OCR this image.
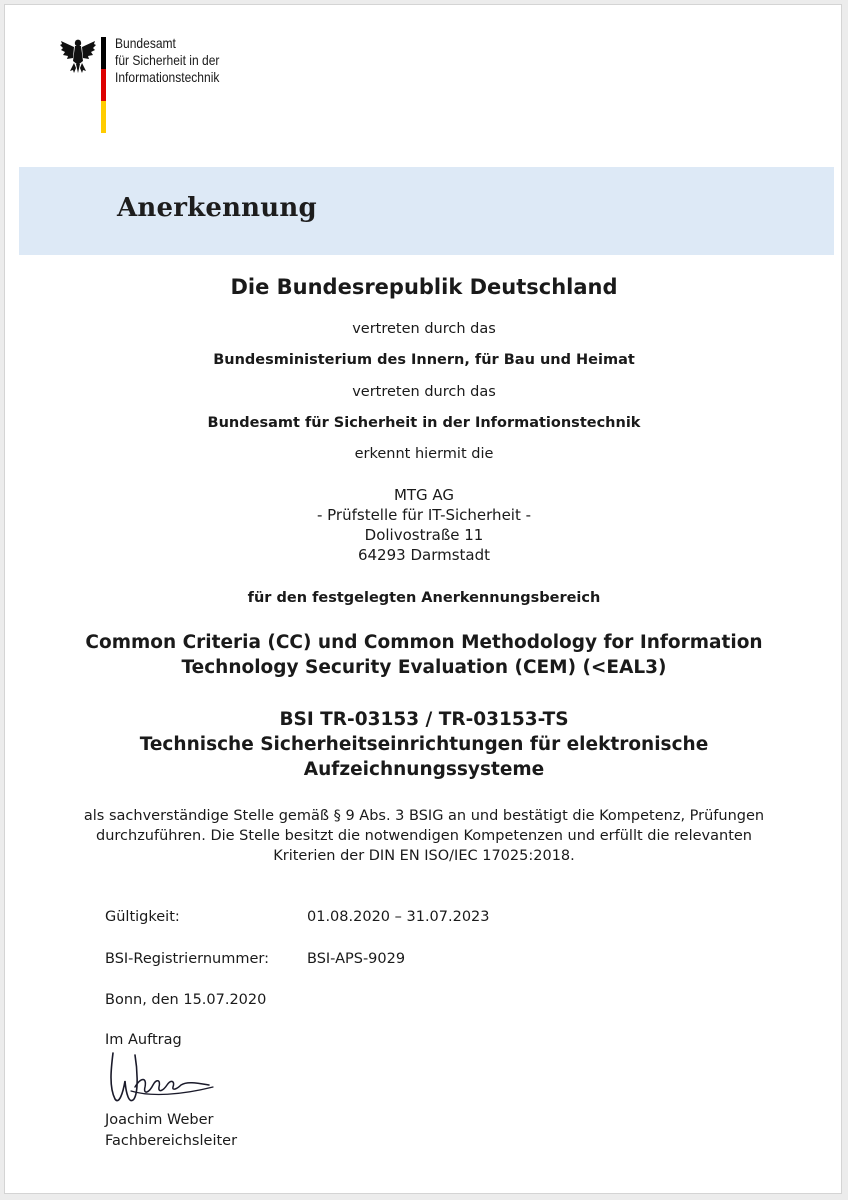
Bundesamt
für Sicherheit in der
Informationstechnik
Anerkennung
Die Bundesrepublik Deutschland
vertreten durch das
Bundesministerium des Innern, für Bau und Heimat
vertreten durch das
Bundesamt für Sicherheit in der Informationstechnik
erkennt hiermit die
MTG AG
- Prüfstelle für IT-Sicherheit -
Dolivostraße 11
64293 Darmstadt
für den festgelegten Anerkennungsbereich
Common Criteria (CC) und Common Methodology for Information
Technology Security Evaluation (CEM) (<EAL3)
BSI TR-03153 / TR-03153-TS
Technische Sicherheitseinrichtungen für elektronische
Aufzeichnungssysteme
als sachverständige Stelle gemäß § 9 Abs. 3 BSIG an und bestätigt die Kompetenz, Prüfungen
durchzuführen. Die Stelle besitzt die notwendigen Kompetenzen und erfüllt die relevanten
Kriterien der DIN EN ISO/IEC 17025:2018.
Gültigkeit:	01.08.2020 – 31.07.2023
BSI-Registriernummer:	BSI-APS-9029
Bonn, den 15.07.2020
Im Auftrag
Joachim Weber
Fachbereichsleiter
